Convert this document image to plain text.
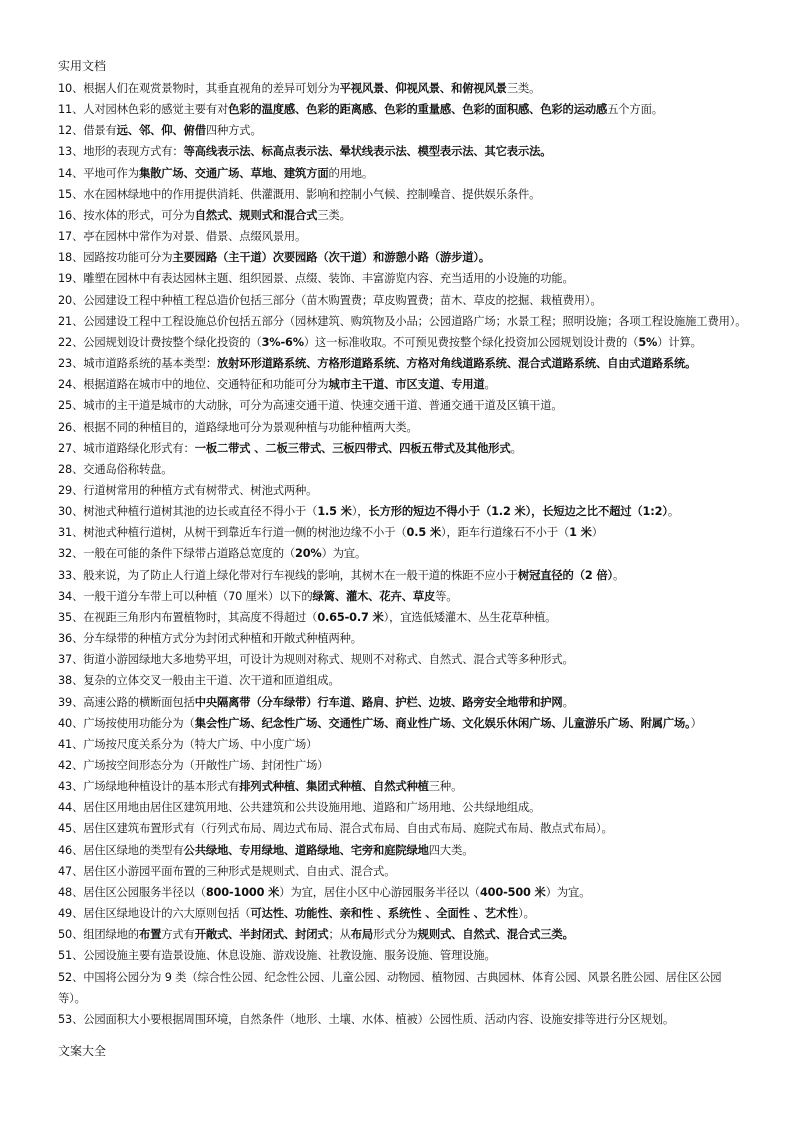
实用文档
10、根据人们在观赏景物时，其垂直视角的差异可划分为平视风景、仰视风景、和俯视风景三类。
11、人对园林色彩的感觉主要有对色彩的温度感、色彩的距离感、色彩的重量感、色彩的面积感、色彩的运动感五个方面。
12、借景有远、邻、仰、俯借四种方式。
13、地形的表现方式有：等高线表示法、标高点表示法、晕状线表示法、模型表示法、其它表示法。
14、平地可作为集散广场、交通广场、草地、建筑方面的用地。
15、水在园林绿地中的作用提供消耗、供灌溉用、影响和控制小气候、控制噪音、提供娱乐条件。
16、按水体的形式，可分为自然式、规则式和混合式三类。
17、亭在园林中常作为对景、借景、点缀风景用。
18、园路按功能可分为主要园路（主干道）次要园路（次干道）和游憩小路（游步道）。
19、雕塑在园林中有表达园林主题、组织园景、点缀、装饰、丰富游览内容、充当适用的小设施的功能。
20、公园建设工程中种植工程总造价包括三部分（苗木购置费；草皮购置费；苗木、草皮的挖掘、栽植费用）。
21、公园建设工程中工程设施总价包括五部分（园林建筑、购筑物及小品；公园道路广场；水景工程；照明设施；各项工程设施施工费用）。
22、公园规划设计费按整个绿化投资的（3%-6%）这一标准收取。不可预见费按整个绿化投资加公园规划设计费的（5%）计算。
23、城市道路系统的基本类型：放射环形道路系统、方格形道路系统、方格对角线道路系统、混合式道路系统、自由式道路系统。
24、根据道路在城市中的地位、交通特征和功能可分为城市主干道、市区支道、专用道。
25、城市的主干道是城市的大动脉，可分为高速交通干道、快速交通干道、普通交通干道及区镇干道。
26、根据不同的种植目的，道路绿地可分为景观种植与功能种植两大类。
27、城市道路绿化形式有：一板二带式 、二板三带式、三板四带式、四板五带式及其他形式。
28、交通岛俗称转盘。
29、行道树常用的种植方式有树带式、树池式两种。
30、树池式种植行道树其池的边长或直径不得小于（1.5 米），长方形的短边不得小于（1.2 米），长短边之比不超过（1:2）。
31、树池式种植行道树，从树干到靠近车行道一侧的树池边缘不小于（0.5 米），距车行道缘石不小于（1 米）
32、一般在可能的条件下绿带占道路总宽度的（20%）为宜。
33、般来说，为了防止人行道上绿化带对行车视线的影响，其树木在一般干道的株距不应小于树冠直径的（2 倍）。
34、一般干道分车带上可以种植（70 厘米）以下的绿篱、灌木、花卉、草皮等。
35、在视距三角形内布置植物时，其高度不得超过（0.65-0.7 米），宜选低矮灌木、丛生花草种植。
36、分车绿带的种植方式分为封闭式种植和开敞式种植两种。
37、街道小游园绿地大多地势平坦，可设计为规则对称式、规则不对称式、自然式、混合式等多种形式。
38、复杂的立体交叉一般由主干道、次干道和匝道组成。
39、高速公路的横断面包括中央隔离带（分车绿带）行车道、路肩、护栏、边坡、路旁安全地带和护网。
40、广场按使用功能分为（集会性广场、纪念性广场、交通性广场、商业性广场、文化娱乐休闲广场、儿童游乐广场、附属广场。）
41、广场按尺度关系分为（特大广场、中小度广场）
42、广场按空间形态分为（开敞性广场、封闭性广场）
43、广场绿地种植设计的基本形式有排列式种植、集团式种植、自然式种植三种。
44、居住区用地由居住区建筑用地、公共建筑和公共设施用地、道路和广场用地、公共绿地组成。
45、居住区建筑布置形式有（行列式布局、周边式布局、混合式布局、自由式布局、庭院式布局、散点式布局）。
46、居住区绿地的类型有公共绿地、专用绿地、道路绿地、宅旁和庭院绿地四大类。
47、居住区小游园平面布置的三种形式是规则式、自由式、混合式。
48、居住区公园服务半径以（800-1000 米）为宜，居住小区中心游园服务半径以（400-500 米）为宜。
49、居住区绿地设计的六大原则包括（可达性、功能性、亲和性 、系统性 、全面性 、艺术性）。
50、组团绿地的布置方式有开敞式、半封闭式、封闭式；从布局形式分为规则式、自然式、混合式三类。
51、公园设施主要有造景设施、休息设施、游戏设施、社教设施、服务设施、管理设施。
52、中国将公园分为 9 类（综合性公园、纪念性公园、儿童公园、动物园、植物园、古典园林、体育公园、风景名胜公园、居住区公园等）。
53、公园面积大小要根据周围环境，自然条件（地形、土壤、水体、植被）公园性质、活动内容、设施安排等进行分区规划。
文案大全
